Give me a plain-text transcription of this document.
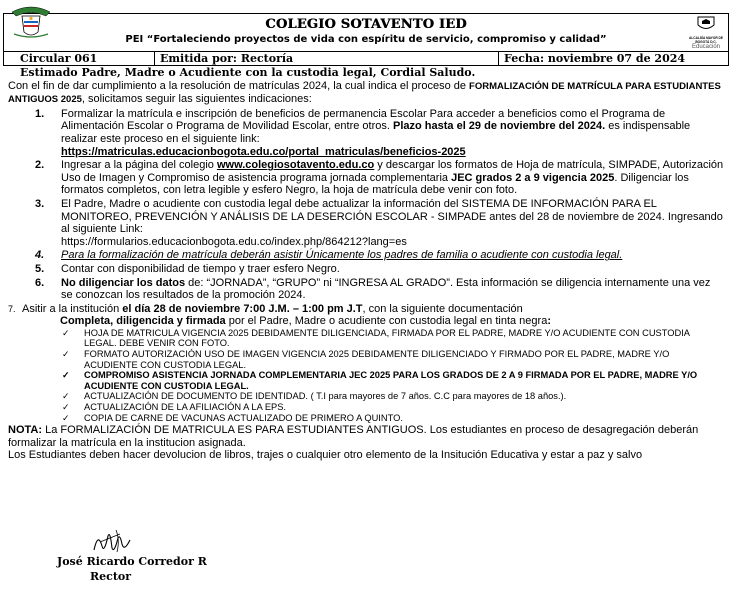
COLEGIO SOTAVENTO IED
PEI “Fortaleciendo proyectos de vida con espíritu de servicio, compromiso y calidad”	ALCALDÍA MAYOR DE BOGOTÁ D.C.
Educación
Circular 061	Emitida por: Rectoría	Fecha: noviembre 07 de 2024

Estimado Padre, Madre o Acudiente con la custodia legal, Cordial Saludo.

Con el fin de dar cumplimiento a la resolución de matrículas 2024, la cual indica el proceso de FORMALIZACIÓN DE MATRÍCULA PARA ESTUDIANTES ANTIGUOS 2025, solicitamos seguir las siguientes indicaciones:

1. Formalizar la matrícula e inscripción de beneficios de permanencia Escolar Para acceder a beneficios como el Programa de Alimentación Escolar o Programa de Movilidad Escolar, entre otros. Plazo hasta el 29 de noviembre del 2024. es indispensable realizar este proceso en el siguiente link:
https://matriculas.educacionbogota.edu.co/portal_matriculas/beneficios-2025
2. Ingresar a la página del colegio www.colegiosotavento.edu.co y descargar los formatos de Hoja de matrícula, SIMPADE, Autorización Uso de Imagen y Compromiso de asistencia programa jornada complementaria JEC grados 2 a 9 vigencia 2025. Diligenciar los formatos completos, con letra legible y esfero Negro, la hoja de matrícula debe venir con foto.
3. El Padre, Madre o acudiente con custodia legal debe actualizar la información del SISTEMA DE INFORMACIÓN PARA EL MONITOREO, PREVENCIÓN Y ANÁLISIS DE LA DESERCIÓN ESCOLAR - SIMPADE antes del 28 de noviembre de 2024. Ingresando al siguiente Link:
https://formularios.educacionbogota.edu.co/index.php/864212?lang=es
4. Para la formalización de matrícula deberán asistir Únicamente los padres de familia o acudiente con custodia legal.
5. Contar con disponibilidad de tiempo y traer esfero Negro.
6. No diligenciar los datos de: “JORNADA”, “GRUPO” ni “INGRESA AL GRADO”. Esta información se diligencia internamente una vez se conozcan los resultados de la promoción 2024.
7. Asitir a la institución el día 28 de noviembre 7:00 J.M. – 1:00 pm J.T, con la siguiente documentación
Completa, diligencida y firmada por el Padre, Madre o acudiente con custodia legal en tinta negra:

✓ HOJA DE MATRICULA VIGENCIA 2025 DEBIDAMENTE DILIGENCIADA, FIRMADA POR EL PADRE, MADRE Y/O ACUDIENTE CON CUSTODIA LEGAL. DEBE VENIR CON FOTO.

✓ FORMATO AUTORIZACIÓN USO DE IMAGEN VIGENCIA 2025 DEBIDAMENTE DILIGENCIADO Y FIRMADO POR EL PADRE, MADRE Y/O ACUDIENTE CON CUSTODIA LEGAL.

✓ COMPROMISO ASISTENCIA JORNADA COMPLEMENTARIA JEC 2025 PARA LOS GRADOS DE 2 A 9 FIRMADA POR EL PADRE, MADRE Y/O ACUDIENTE CON CUSTODIA LEGAL.

✓ ACTUALIZACIÓN DE DOCUMENTO DE IDENTIDAD. ( T.I para mayores de 7 años. C.C para mayores de 18 años.).

✓ ACTUALIZACIÓN DE LA AFILIACIÓN A LA EPS.

✓ COPIA DE CARNE DE VACUNAS ACTUALIZADO DE PRIMERO A QUINTO.

NOTA: La FORMALIZACIÓN DE MATRICULA ES PARA ESTUDIANTES ANTIGUOS. Los estudiantes en proceso de desagregación deberán formalizar la matrícula en la institucion asignada.

Los Estudiantes deben hacer devolucion de libros, trajes o cualquier otro elemento de la Insitución Educativa y estar a paz y salvo

José Ricardo Corredor R
Rector
